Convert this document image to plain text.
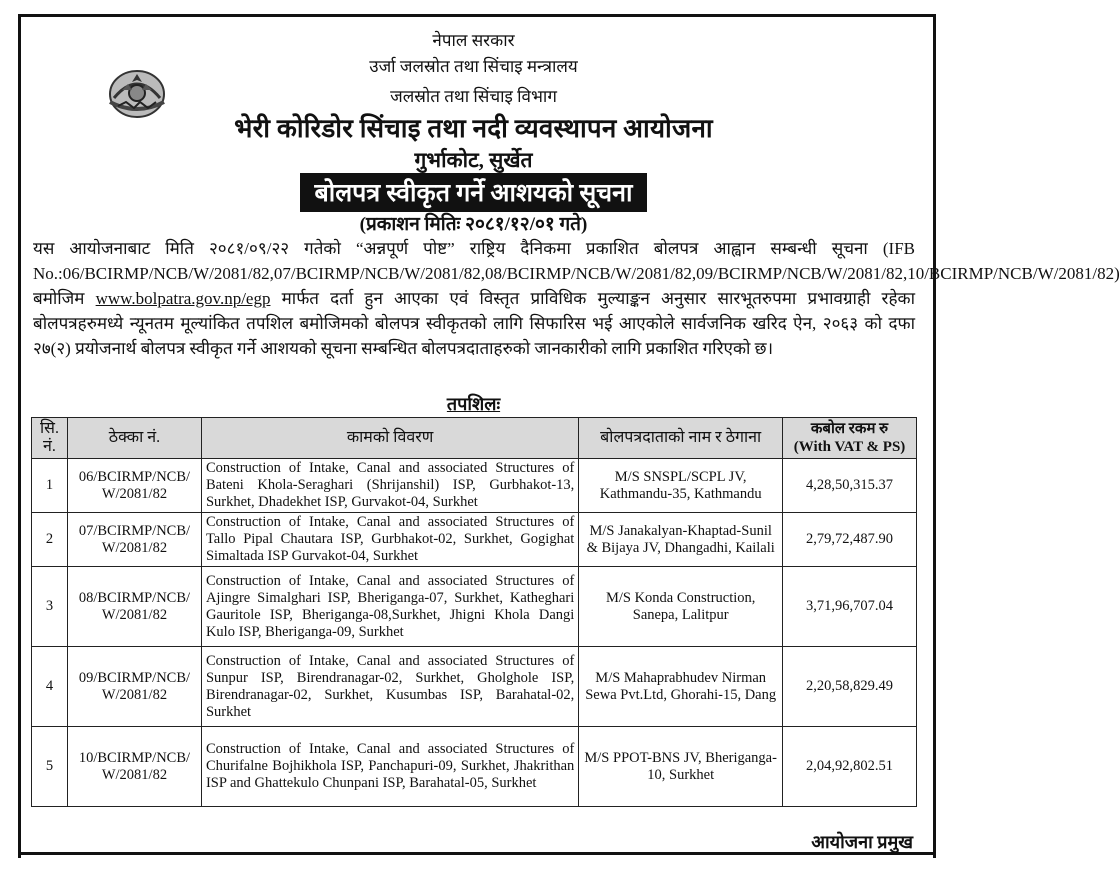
नेपाल सरकार
उर्जा जलस्रोत तथा सिंचाइ मन्त्रालय
जलस्रोत तथा सिंचाइ विभाग
भेरी कोरिडोर सिंचाइ तथा नदी व्यवस्थापन आयोजना
गुर्भाकोट, सुर्खेत
बोलपत्र स्वीकृत गर्ने आशयको सूचना
(प्रकाशन मितिः २०८१/१२/०१ गते)
यस आयोजनाबाट मिति २०८१/०९/२२ गतेको “अन्नपूर्ण पोष्ट” राष्ट्रिय दैनिकमा प्रकाशित बोलपत्र आह्वान सम्बन्धी सूचना (IFB No.:06/BCIRMP/NCB/W/2081/82,07/BCIRMP/NCB/W/2081/82,08/BCIRMP/NCB/W/2081/82,09/BCIRMP/NCB/W/2081/82,10/BCIRMP/NCB/W/2081/82) बमोजिम www.bolpatra.gov.np/egp मार्फत दर्ता हुन आएका एवं विस्तृत प्राविधिक मुल्याङ्कन अनुसार सारभूतरुपमा प्रभावग्राही रहेका बोलपत्रहरुमध्ये न्यूनतम मूल्यांकित तपशिल बमोजिमको बोलपत्र स्वीकृतको लागि सिफारिस भई आएकोले सार्वजनिक खरिद ऐन, २०६३ को दफा २७(२) प्रयोजनार्थ बोलपत्र स्वीकृत गर्ने आशयको सूचना सम्बन्धित बोलपत्रदाताहरुको जानकारीको लागि प्रकाशित गरिएको छ।
तपशिलः
सि. नं.	ठेक्का नं.	कामको विवरण	बोलपत्रदाताको नाम र ठेगाना	कबोल रकम रु
(With VAT & PS)
1	06/BCIRMP/NCB/ W/2081/82	Construction of Intake, Canal and associated Structures of Bateni Khola-Seraghari (Shrijanshil) ISP, Gurbhakot-13, Surkhet, Dhadekhet ISP, Gurvakot-04, Surkhet	M/S SNSPL/SCPL JV, Kathmandu-35, Kathmandu	4,28,50,315.37
2	07/BCIRMP/NCB/ W/2081/82	Construction of Intake, Canal and associated Structures of Tallo Pipal Chautara ISP, Gurbhakot-02, Surkhet, Gogighat Simaltada ISP Gurvakot-04, Surkhet	M/S Janakalyan-Khaptad-Sunil & Bijaya JV, Dhangadhi, Kailali	2,79,72,487.90
3	08/BCIRMP/NCB/ W/2081/82	Construction of Intake, Canal and associated Structures of Ajingre Simalghari ISP, Bheriganga-07, Surkhet, Katheghari Gauritole ISP, Bheriganga-08,Surkhet, Jhigni Khola Dangi Kulo ISP, Bheriganga-09, Surkhet	M/S Konda Construction, Sanepa, Lalitpur	3,71,96,707.04
4	09/BCIRMP/NCB/ W/2081/82	Construction of Intake, Canal and associated Structures of Sunpur ISP, Birendranagar-02, Surkhet, Gholghole ISP, Birendranagar-02, Surkhet, Kusumbas ISP, Barahatal-02, Surkhet	M/S Mahaprabhudev Nirman Sewa Pvt.Ltd, Ghorahi-15, Dang	2,20,58,829.49
5	10/BCIRMP/NCB/ W/2081/82	Construction of Intake, Canal and associated Structures of Churifalne Bojhikhola ISP, Panchapuri-09, Surkhet, Jhakrithan ISP and Ghattekulo Chunpani ISP, Barahatal-05, Surkhet	M/S PPOT-BNS JV, Bheriganga-10, Surkhet	2,04,92,802.51
आयोजना प्रमुख
